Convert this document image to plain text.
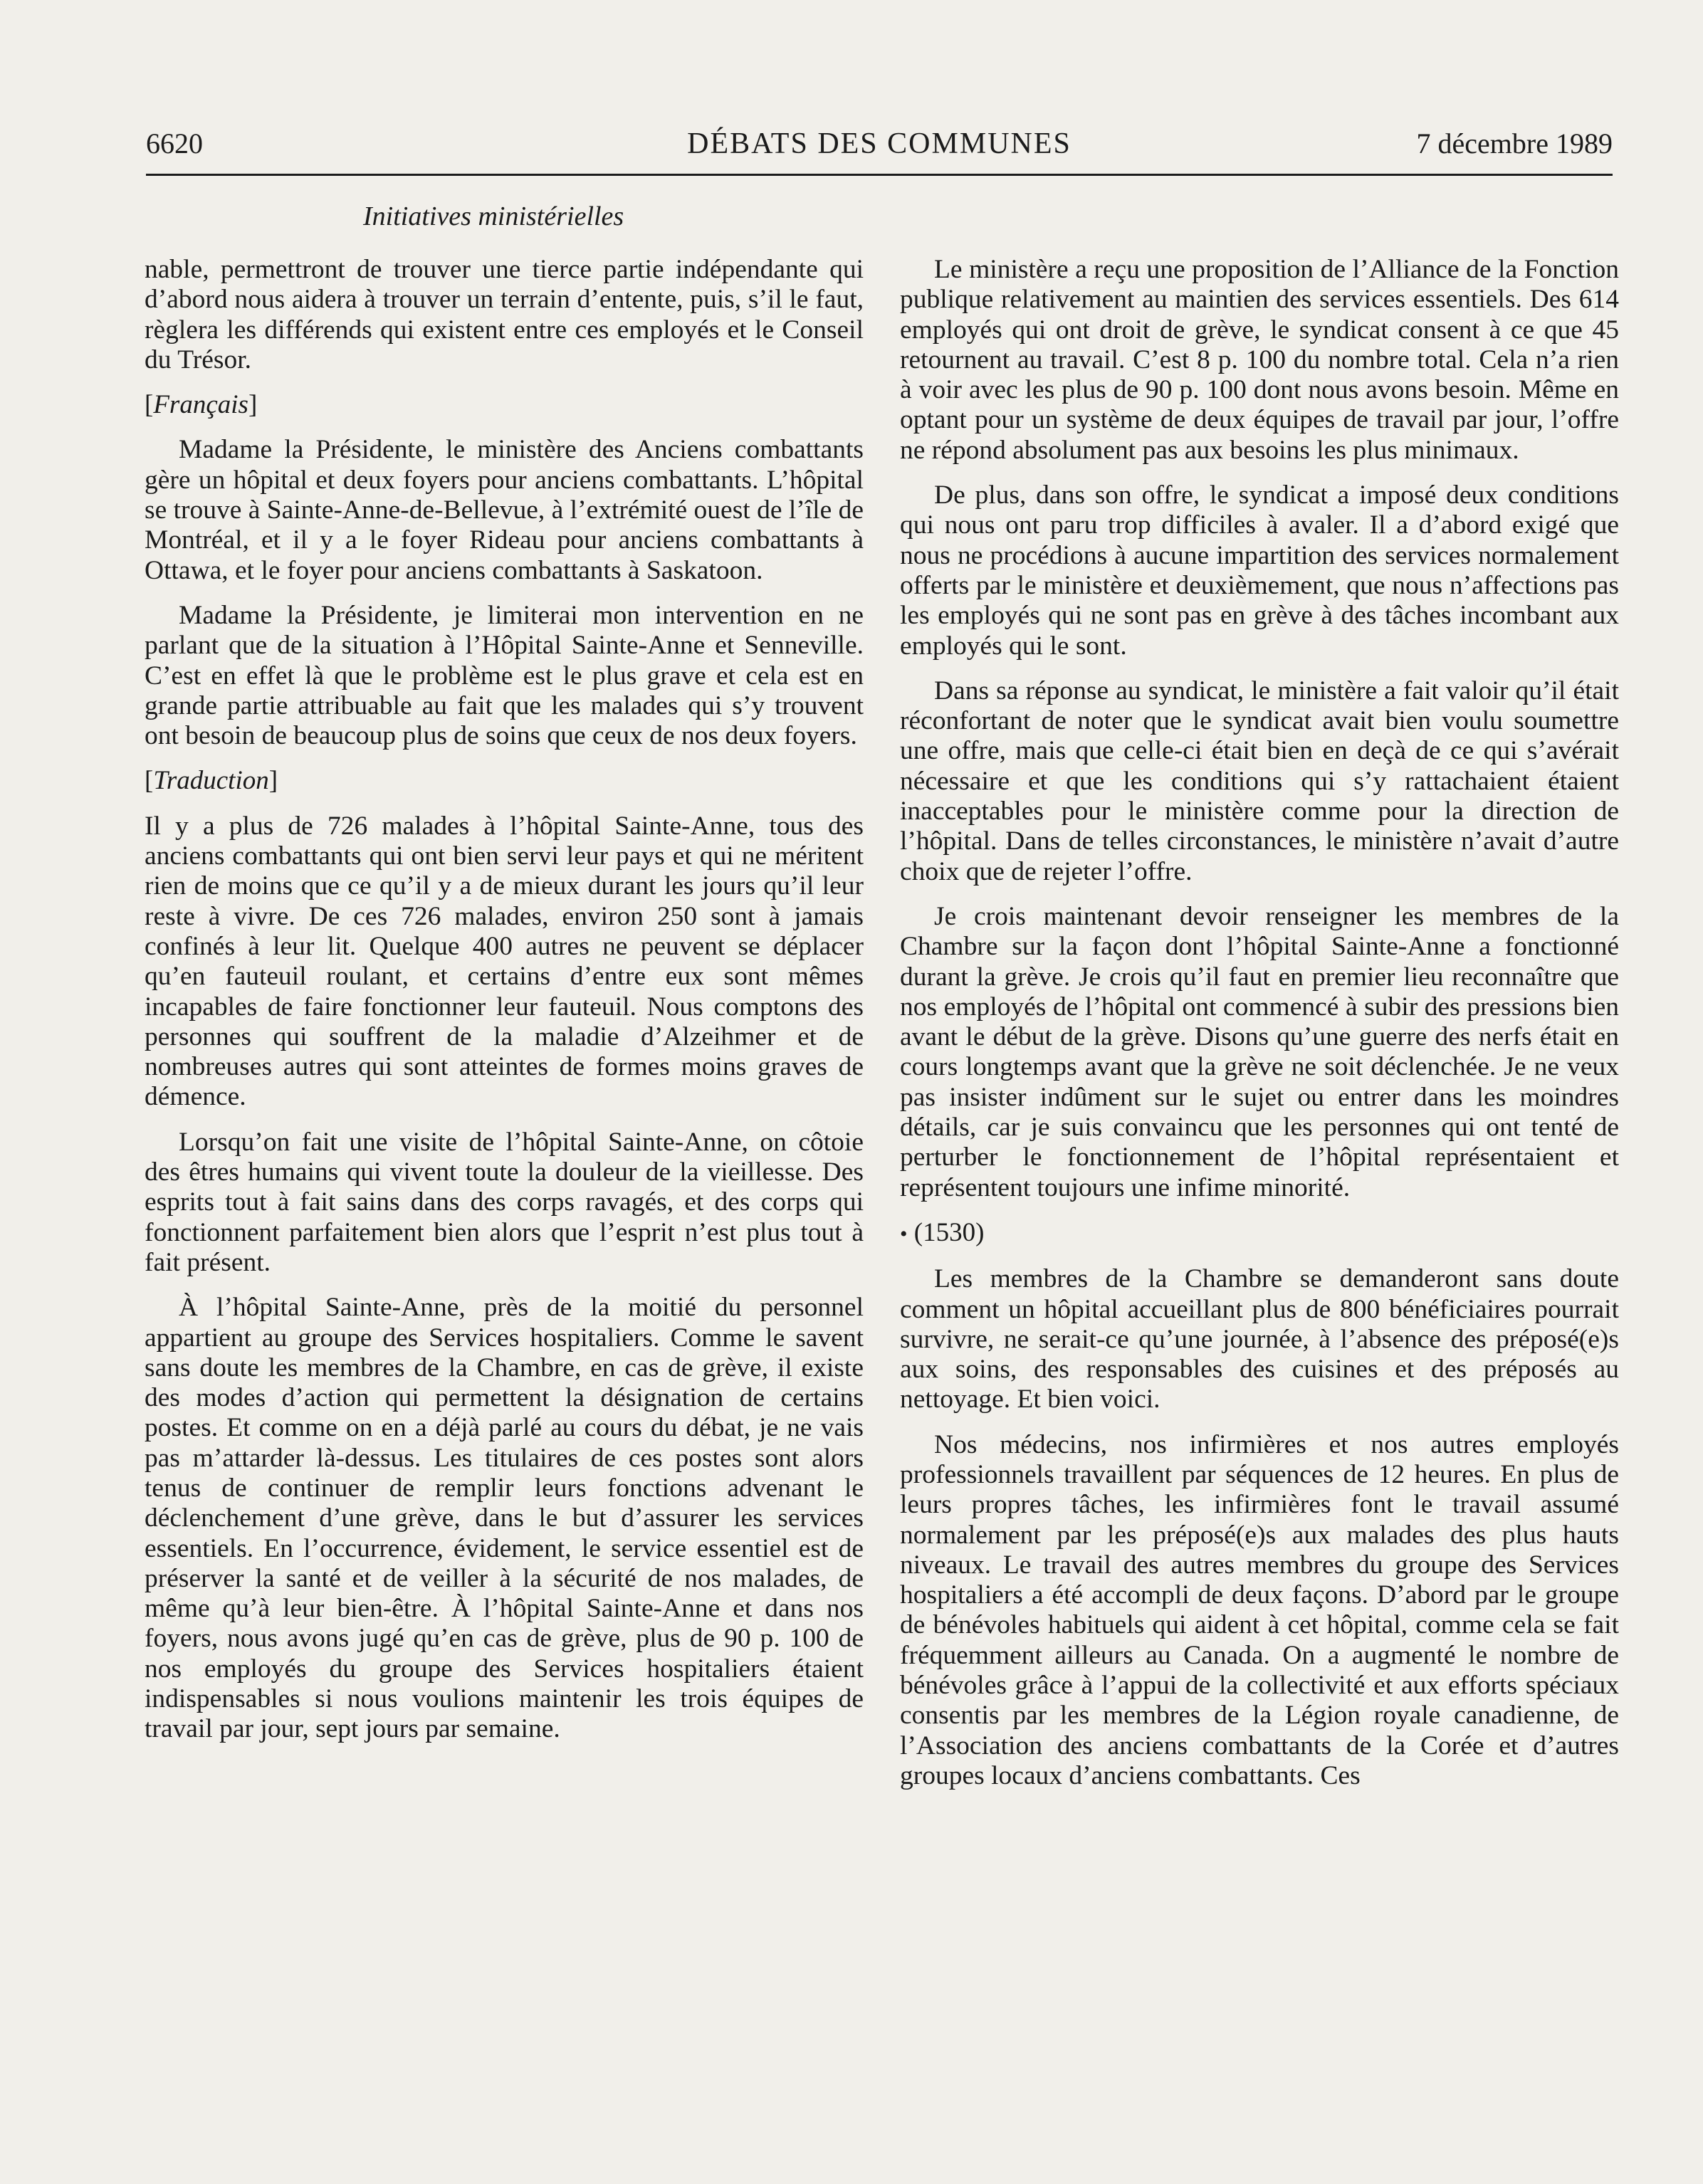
6620	DÉBATS DES COMMUNES	7 décembre 1989
Initiatives ministérielles

nable, permettront de trouver une tierce partie indépendante qui d’abord nous aidera à trouver un terrain d’entente, puis, s’il le faut, règlera les différends qui existent entre ces employés et le Conseil du Trésor.

[Français]

Madame la Présidente, le ministère des Anciens combattants gère un hôpital et deux foyers pour anciens combattants. L’hôpital se trouve à Sainte-Anne-de-Bellevue, à l’extrémité ouest de l’île de Montréal, et il y a le foyer Rideau pour anciens combattants à Ottawa, et le foyer pour anciens combattants à Saskatoon.

Madame la Présidente, je limiterai mon intervention en ne parlant que de la situation à l’Hôpital Sainte-Anne et Senneville. C’est en effet là que le problème est le plus grave et cela est en grande partie attribuable au fait que les malades qui s’y trouvent ont besoin de beaucoup plus de soins que ceux de nos deux foyers.

[Traduction]

Il y a plus de 726 malades à l’hôpital Sainte-Anne, tous des anciens combattants qui ont bien servi leur pays et qui ne méritent rien de moins que ce qu’il y a de mieux durant les jours qu’il leur reste à vivre. De ces 726 malades, environ 250 sont à jamais confinés à leur lit. Quelque 400 autres ne peuvent se déplacer qu’en fauteuil roulant, et certains d’entre eux sont mêmes incapables de faire fonctionner leur fauteuil. Nous comptons des personnes qui souffrent de la maladie d’Alzeihmer et de nombreuses autres qui sont atteintes de formes moins graves de démence.

Lorsqu’on fait une visite de l’hôpital Sainte-Anne, on côtoie des êtres humains qui vivent toute la douleur de la vieillesse. Des esprits tout à fait sains dans des corps ravagés, et des corps qui fonctionnent parfaitement bien alors que l’esprit n’est plus tout à fait présent.

À l’hôpital Sainte-Anne, près de la moitié du personnel appartient au groupe des Services hospitaliers. Comme le savent sans doute les membres de la Chambre, en cas de grève, il existe des modes d’action qui permettent la désignation de certains postes. Et comme on en a déjà parlé au cours du débat, je ne vais pas m’attarder là-dessus. Les titulaires de ces postes sont alors tenus de continuer de remplir leurs fonctions advenant le déclenchement d’une grève, dans le but d’assurer les services essentiels. En l’occurrence, évidement, le service essentiel est de préserver la santé et de veiller à la sécurité de nos malades, de même qu’à leur bien-être. À l’hôpital Sainte-Anne et dans nos foyers, nous avons jugé qu’en cas de grève, plus de 90 p. 100 de nos employés du groupe des Services hospitaliers étaient indispensables si nous voulions maintenir les trois équipes de travail par jour, sept jours par semaine.

Le ministère a reçu une proposition de l’Alliance de la Fonction publique relativement au maintien des services essentiels. Des 614 employés qui ont droit de grève, le syndicat consent à ce que 45 retournent au travail. C’est 8 p. 100 du nombre total. Cela n’a rien à voir avec les plus de 90 p. 100 dont nous avons besoin. Même en optant pour un système de deux équipes de travail par jour, l’offre ne répond absolument pas aux besoins les plus minimaux.

De plus, dans son offre, le syndicat a imposé deux conditions qui nous ont paru trop difficiles à avaler. Il a d’abord exigé que nous ne procédions à aucune impartition des services normalement offerts par le ministère et deuxièmement, que nous n’affections pas les employés qui ne sont pas en grève à des tâches incombant aux employés qui le sont.

Dans sa réponse au syndicat, le ministère a fait valoir qu’il était réconfortant de noter que le syndicat avait bien voulu soumettre une offre, mais que celle-ci était bien en deçà de ce qui s’avérait nécessaire et que les conditions qui s’y rattachaient étaient inacceptables pour le ministère comme pour la direction de l’hôpital. Dans de telles circonstances, le ministère n’avait d’autre choix que de rejeter l’offre.

Je crois maintenant devoir renseigner les membres de la Chambre sur la façon dont l’hôpital Sainte-Anne a fonctionné durant la grève. Je crois qu’il faut en premier lieu reconnaître que nos employés de l’hôpital ont commencé à subir des pressions bien avant le début de la grève. Disons qu’une guerre des nerfs était en cours longtemps avant que la grève ne soit déclenchée. Je ne veux pas insister indûment sur le sujet ou entrer dans les moindres détails, car je suis convaincu que les personnes qui ont tenté de perturber le fonctionnement de l’hôpital représentaient et représentent toujours une infime minorité.

• (1530)

Les membres de la Chambre se demanderont sans doute comment un hôpital accueillant plus de 800 bénéficiaires pourrait survivre, ne serait-ce qu’une journée, à l’absence des préposé(e)s aux soins, des responsables des cuisines et des préposés au nettoyage. Et bien voici.

Nos médecins, nos infirmières et nos autres employés professionnels travaillent par séquences de 12 heures. En plus de leurs propres tâches, les infirmières font le travail assumé normalement par les préposé(e)s aux malades des plus hauts niveaux. Le travail des autres membres du groupe des Services hospitaliers a été accompli de deux façons. D’abord par le groupe de bénévoles habituels qui aident à cet hôpital, comme cela se fait fréquemment ailleurs au Canada. On a augmenté le nombre de bénévoles grâce à l’appui de la collectivité et aux efforts spéciaux consentis par les membres de la Légion royale canadienne, de l’Association des anciens combattants de la Corée et d’autres groupes locaux d’anciens combattants. Ces
